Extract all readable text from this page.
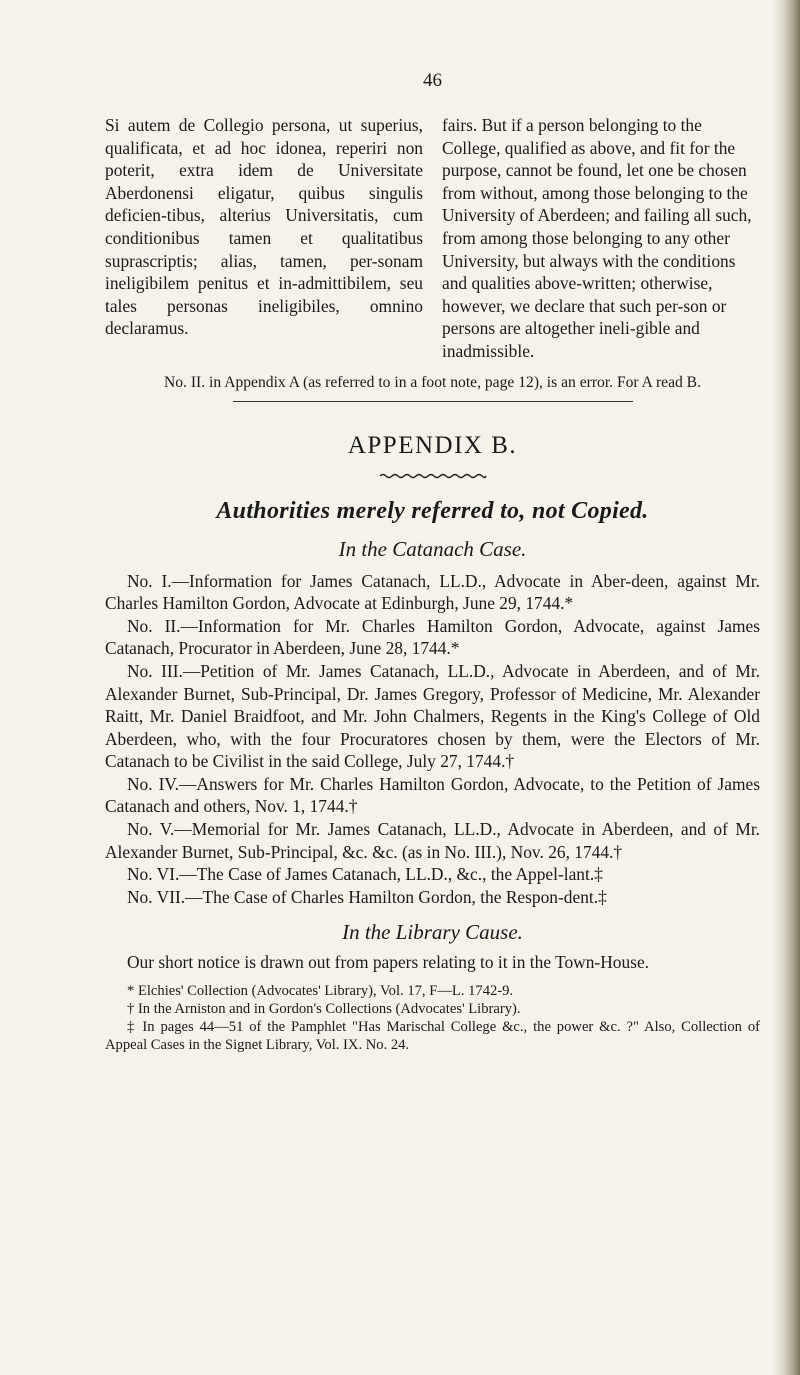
46
Si autem de Collegio persona, ut superius, qualificata, et ad hoc idonea, reperiri non poterit, extra idem de Universitate Aberdonensi eligatur, quibus singulis deficien-tibus, alterius Universitatis, cum conditionibus tamen et qualitatibus suprascriptis; alias, tamen, per-sonam ineligibilem penitus et in-admittibilem, seu tales personas ineligibiles, omnino declaramus.
fairs. But if a person belonging to the College, qualified as above, and fit for the purpose, cannot be found, let one be chosen from without, among those belonging to the University of Aberdeen; and failing all such, from among those belonging to any other University, but always with the conditions and qualities above-written; otherwise, however, we declare that such per-son or persons are altogether ineli-gible and inadmissible.
No. II. in Appendix A (as referred to in a foot note, page 12), is an error. For A read B.
APPENDIX B.
Authorities merely referred to, not Copied.
In the Catanach Case.

No. I.—Information for James Catanach, LL.D., Advocate in Aber-deen, against Mr. Charles Hamilton Gordon, Advocate at Edinburgh, June 29, 1744.*

No. II.—Information for Mr. Charles Hamilton Gordon, Advocate, against James Catanach, Procurator in Aberdeen, June 28, 1744.*

No. III.—Petition of Mr. James Catanach, LL.D., Advocate in Aberdeen, and of Mr. Alexander Burnet, Sub-Principal, Dr. James Gregory, Professor of Medicine, Mr. Alexander Raitt, Mr. Daniel Braidfoot, and Mr. John Chalmers, Regents in the King's College of Old Aberdeen, who, with the four Procuratores chosen by them, were the Electors of Mr. Catanach to be Civilist in the said College, July 27, 1744.†

No. IV.—Answers for Mr. Charles Hamilton Gordon, Advocate, to the Petition of James Catanach and others, Nov. 1, 1744.†

No. V.—Memorial for Mr. James Catanach, LL.D., Advocate in Aberdeen, and of Mr. Alexander Burnet, Sub-Principal, &c. &c. (as in No. III.), Nov. 26, 1744.†

No. VI.—The Case of James Catanach, LL.D., &c., the Appel-lant.‡

No. VII.—The Case of Charles Hamilton Gordon, the Respon-dent.‡

In the Library Cause.

Our short notice is drawn out from papers relating to it in the Town-House.

* Elchies' Collection (Advocates' Library), Vol. 17, F—L. 1742-9.

† In the Arniston and in Gordon's Collections (Advocates' Library).

‡ In pages 44—51 of the Pamphlet "Has Marischal College &c., the power &c. ?" Also, Collection of Appeal Cases in the Signet Library, Vol. IX. No. 24.
